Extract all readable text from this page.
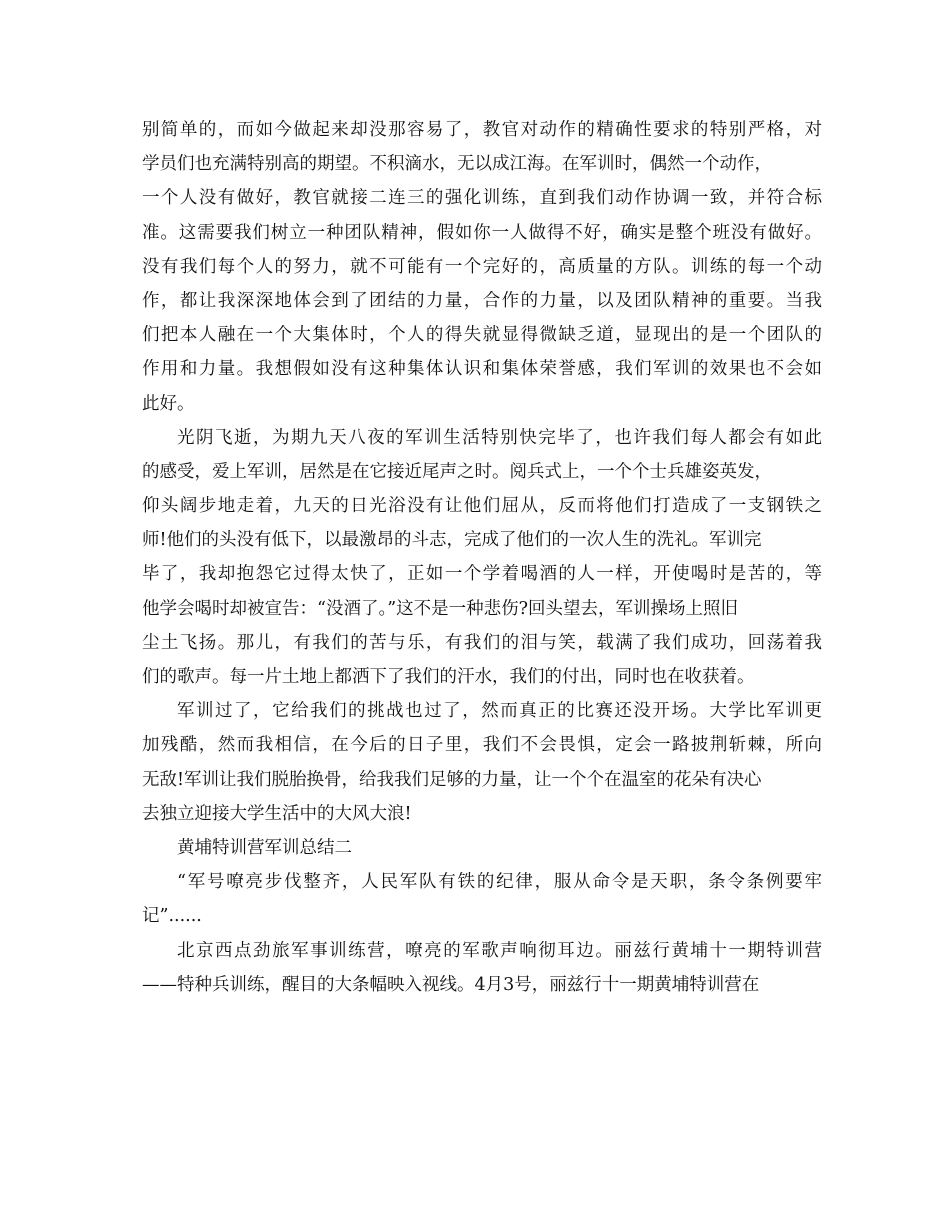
别简单的，而如今做起来却没那容易了，教官对动作的精确性要求的特别严格，对
学员们也充满特别高的期望。不积滴水，无以成江海。在军训时，偶然一个动作，
一个人没有做好，教官就接二连三的强化训练，直到我们动作协调一致，并符合标
准。这需要我们树立一种团队精神，假如你一人做得不好，确实是整个班没有做好。
没有我们每个人的努力，就不可能有一个完好的，高质量的方队。训练的每一个动
作，都让我深深地体会到了团结的力量，合作的力量，以及团队精神的重要。当我
们把本人融在一个大集体时，个人的得失就显得微缺乏道，显现出的是一个团队的
作用和力量。我想假如没有这种集体认识和集体荣誉感，我们军训的效果也不会如
此好。
光阴飞逝，为期九天八夜的军训生活特别快完毕了，也许我们每人都会有如此
的感受，爱上军训，居然是在它接近尾声之时。阅兵式上，一个个士兵雄姿英发，
仰头阔步地走着，九天的日光浴没有让他们屈从，反而将他们打造成了一支钢铁之
师!他们的头没有低下，以最激昂的斗志，完成了他们的一次人生的洗礼。军训完
毕了，我却抱怨它过得太快了，正如一个学着喝酒的人一样，开使喝时是苦的，等
他学会喝时却被宣告：“没酒了。”这不是一种悲伤?回头望去，军训操场上照旧
尘土飞扬。那儿，有我们的苦与乐，有我们的泪与笑，载满了我们成功，回荡着我
们的歌声。每一片土地上都洒下了我们的汗水，我们的付出，同时也在收获着。
军训过了，它给我们的挑战也过了，然而真正的比赛还没开场。大学比军训更
加残酷，然而我相信，在今后的日子里，我们不会畏惧，定会一路披荆斩棘，所向
无敌!军训让我们脱胎换骨，给我我们足够的力量，让一个个在温室的花朵有决心
去独立迎接大学生活中的大风大浪!
黄埔特训营军训总结二
“军号嘹亮步伐整齐，人民军队有铁的纪律，服从命令是天职，条令条例要牢
记”......
北京西点劲旅军事训练营，嘹亮的军歌声响彻耳边。丽兹行黄埔十一期特训营
——特种兵训练，醒目的大条幅映入视线。4月3号，丽兹行十一期黄埔特训营在
